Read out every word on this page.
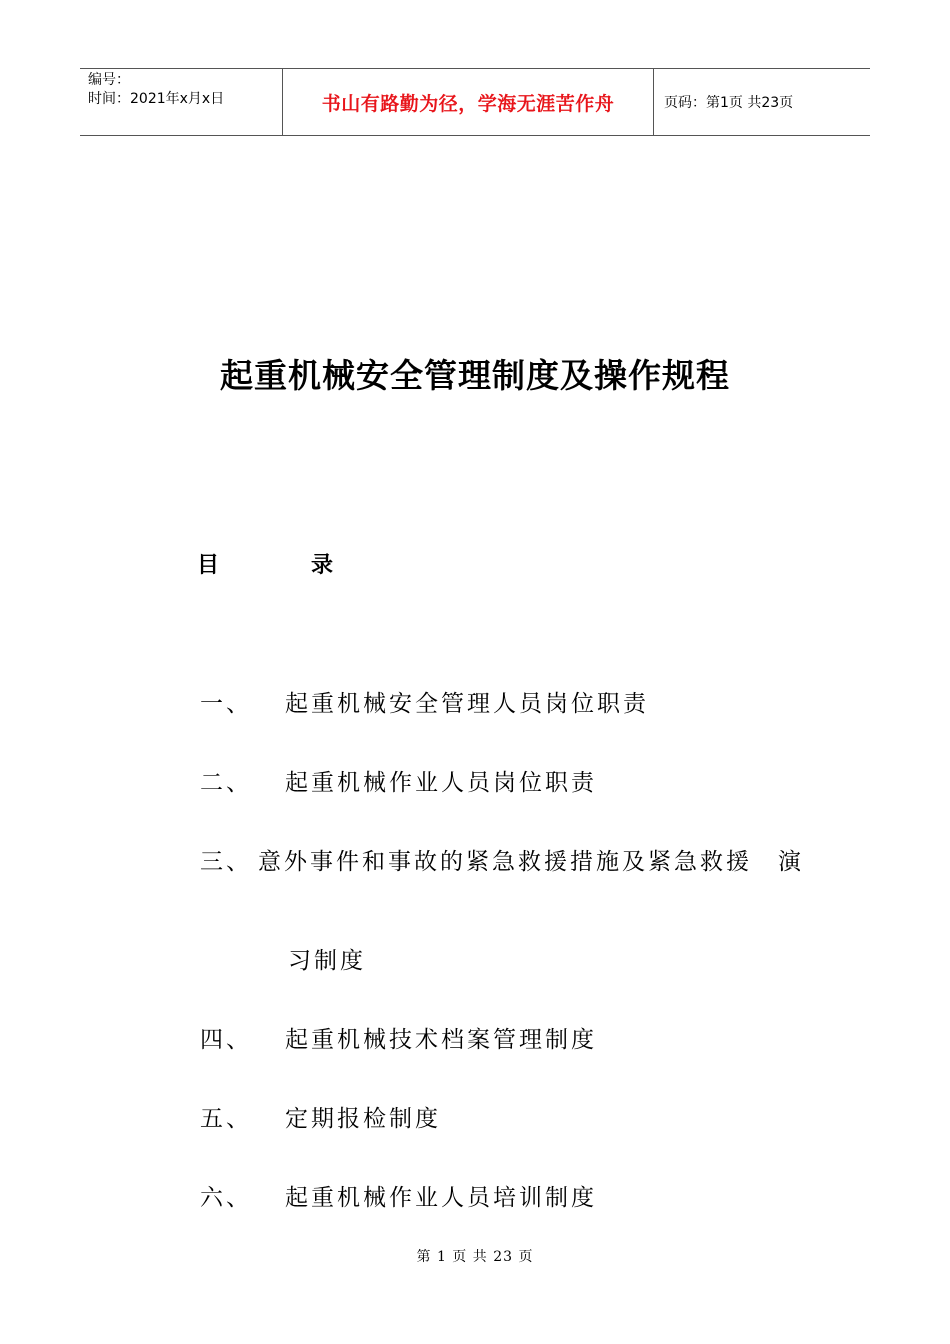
编号：
时间：2021年x月x日	书山有路勤为径，学海无涯苦作舟	页码：第1页 共23页
起重机械安全管理制度及操作规程
目	录
一、 起重机械安全管理人员岗位职责
二、 起重机械作业人员岗位职责
三、 意外事件和事故的紧急救援措施及紧急救援　演
习制度
四、 起重机械技术档案管理制度
五、 定期报检制度
六、 起重机械作业人员培训制度
第 1 页 共 23 页
